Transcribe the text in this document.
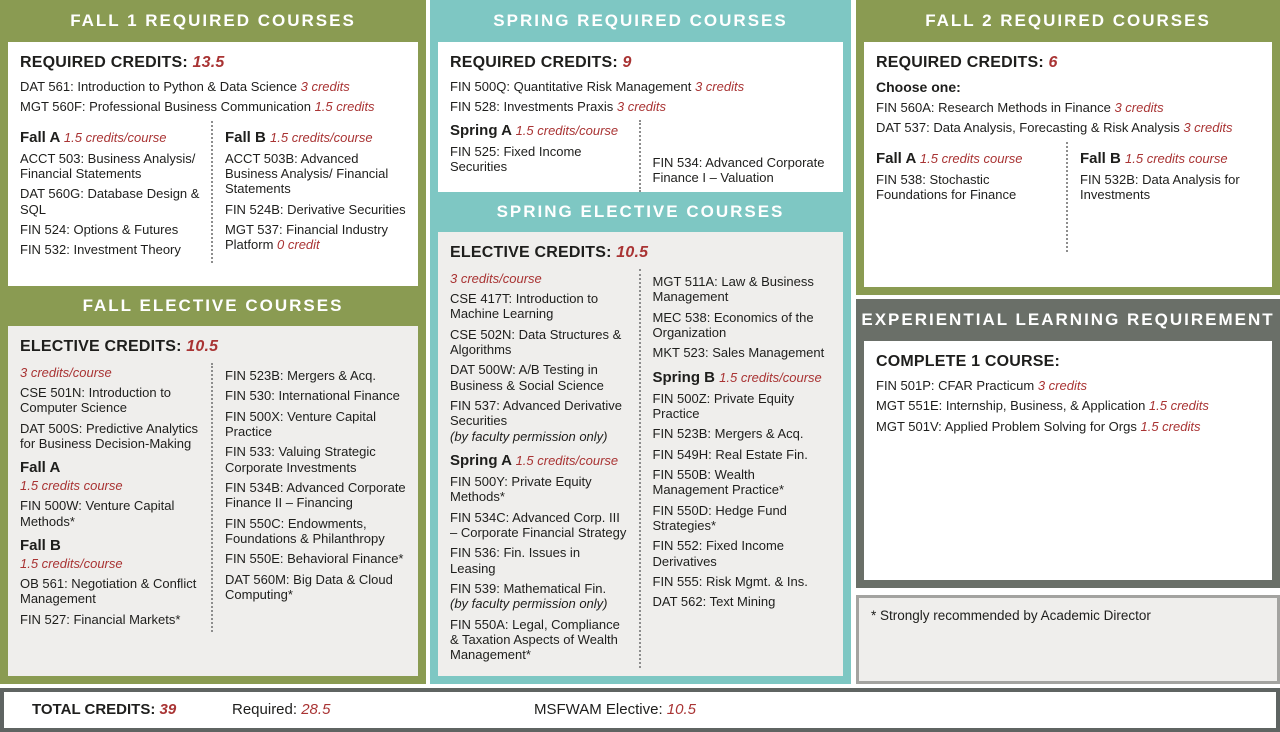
FALL 1 REQUIRED COURSES
REQUIRED CREDITS: 13.5
DAT 561: Introduction to Python & Data Science 3 credits
MGT 560F: Professional Business Communication 1.5 credits
Fall A 1.5 credits/course
ACCT 503: Business Analysis/ Financial Statements
DAT 560G: Database Design & SQL
FIN 524: Options & Futures
FIN 532: Investment Theory
Fall B 1.5 credits/course
ACCT 503B: Advanced Business Analysis/ Financial Statements
FIN 524B: Derivative Securities
MGT 537: Financial Industry Platform 0 credit
FALL ELECTIVE COURSES
ELECTIVE CREDITS: 10.5
3 credits/course
CSE 501N: Introduction to Computer Science
DAT 500S: Predictive Analytics for Business Decision-Making
Fall A
1.5 credits course
FIN 500W: Venture Capital Methods*
Fall B
1.5 credits/course
OB 561: Negotiation & Conflict Management
FIN 527: Financial Markets*
FIN 523B: Mergers & Acq.
FIN 530: International Finance
FIN 500X: Venture Capital Practice
FIN 533: Valuing Strategic Corporate Investments
FIN 534B: Advanced Corporate Finance II – Financing
FIN 550C: Endowments, Foundations & Philanthropy
FIN 550E: Behavioral Finance*
DAT 560M: Big Data & Cloud Computing*
SPRING REQUIRED COURSES
REQUIRED CREDITS: 9
FIN 500Q: Quantitative Risk Management 3 credits
FIN 528: Investments Praxis 3 credits
Spring A 1.5 credits/course
FIN 525: Fixed Income Securities	FIN 534: Advanced Corporate Finance I – Valuation
SPRING ELECTIVE COURSES
ELECTIVE CREDITS: 10.5
3 credits/course
CSE 417T: Introduction to Machine Learning
CSE 502N: Data Structures & Algorithms
DAT 500W: A/B Testing in Business & Social Science
FIN 537: Advanced Derivative Securities
(by faculty permission only)
Spring A 1.5 credits/course
FIN 500Y: Private Equity Methods*
FIN 534C: Advanced Corp. III – Corporate Financial Strategy
FIN 536: Fin. Issues in Leasing
FIN 539: Mathematical Fin.
(by faculty permission only)
FIN 550A: Legal, Compliance & Taxation Aspects of Wealth Management*
MGT 511A: Law & Business Management
MEC 538: Economics of the Organization
MKT 523: Sales Management
Spring B 1.5 credits/course
FIN 500Z: Private Equity Practice
FIN 523B: Mergers & Acq.
FIN 549H: Real Estate Fin.
FIN 550B: Wealth Management Practice*
FIN 550D: Hedge Fund Strategies*
FIN 552: Fixed Income Derivatives
FIN 555: Risk Mgmt. & Ins.
DAT 562: Text Mining
FALL 2 REQUIRED COURSES
REQUIRED CREDITS: 6
Choose one:
FIN 560A: Research Methods in Finance 3 credits
DAT 537: Data Analysis, Forecasting & Risk Analysis 3 credits
Fall A 1.5 credits course
FIN 538: Stochastic Foundations for Finance
Fall B 1.5 credits course
FIN 532B: Data Analysis for Investments
EXPERIENTIAL LEARNING REQUIREMENT
COMPLETE 1 COURSE:
FIN 501P: CFAR Practicum 3 credits
MGT 551E: Internship, Business, & Application 1.5 credits
MGT 501V: Applied Problem Solving for Orgs 1.5 credits
* Strongly recommended by Academic Director
TOTAL CREDITS: 39	Required: 28.5	MSFWAM Elective: 10.5
